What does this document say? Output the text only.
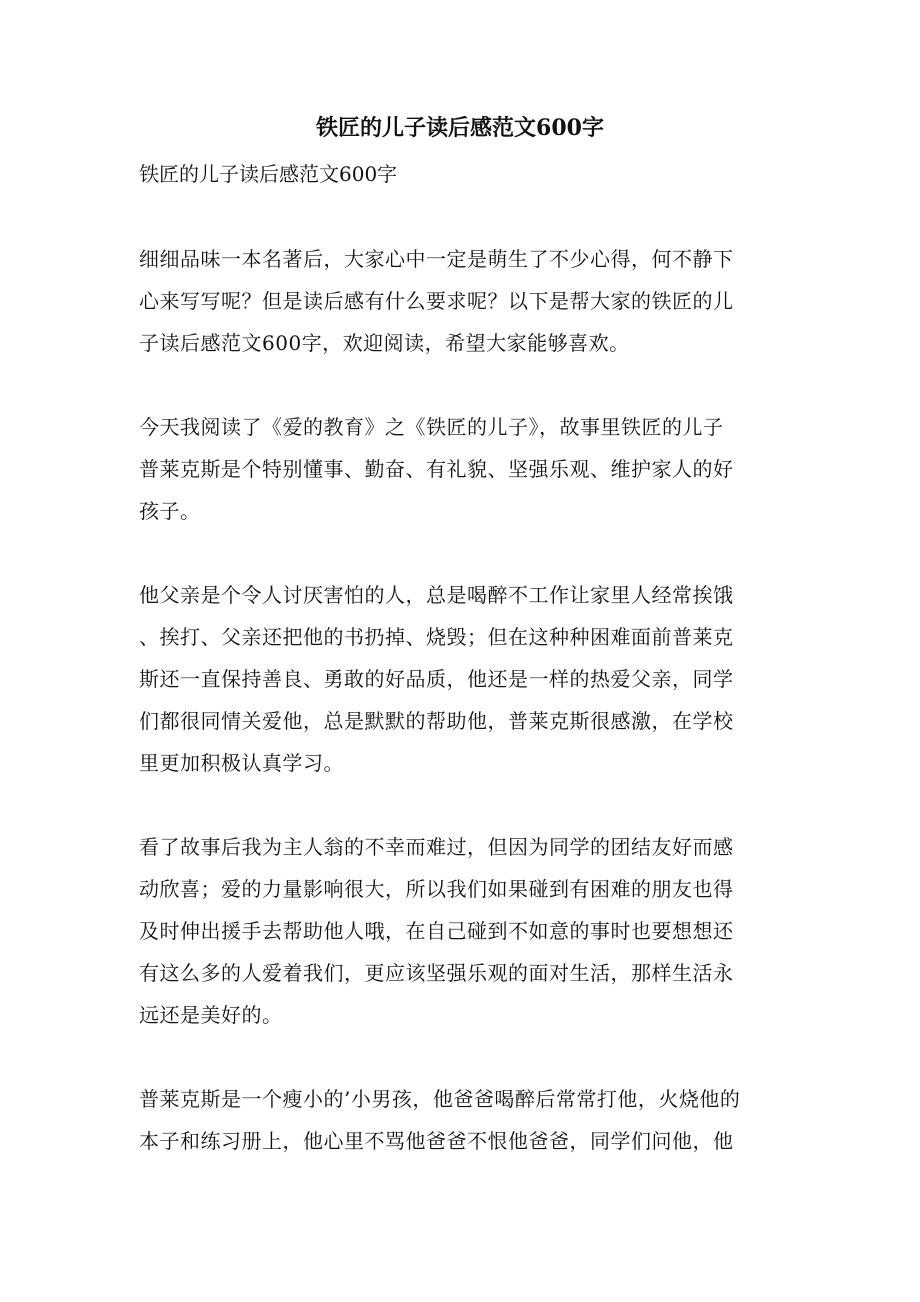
铁匠的儿子读后感范文600字

铁匠的儿子读后感范文600字

细细品味一本名著后，大家心中一定是萌生了不少心得，何不静下
心来写写呢？但是读后感有什么要求呢？以下是帮大家的铁匠的儿
子读后感范文600字，欢迎阅读，希望大家能够喜欢。

今天我阅读了《爱的教育》之《铁匠的儿子》，故事里铁匠的儿子
普莱克斯是个特别懂事、勤奋、有礼貌、坚强乐观、维护家人的好
孩子。

他父亲是个令人讨厌害怕的人，总是喝醉不工作让家里人经常挨饿
、挨打、父亲还把他的书扔掉、烧毁；但在这种种困难面前普莱克
斯还一直保持善良、勇敢的好品质，他还是一样的热爱父亲，同学
们都很同情关爱他，总是默默的帮助他，普莱克斯很感激，在学校
里更加积极认真学习。

看了故事后我为主人翁的不幸而难过，但因为同学的团结友好而感
动欣喜；爱的力量影响很大，所以我们如果碰到有困难的朋友也得
及时伸出援手去帮助他人哦，在自己碰到不如意的事时也要想想还
有这么多的人爱着我们，更应该坚强乐观的面对生活，那样生活永
远还是美好的。

普莱克斯是一个瘦小的’小男孩，他爸爸喝醉后常常打他，火烧他的
本子和练习册上，他心里不骂他爸爸不恨他爸爸，同学们问他，他
